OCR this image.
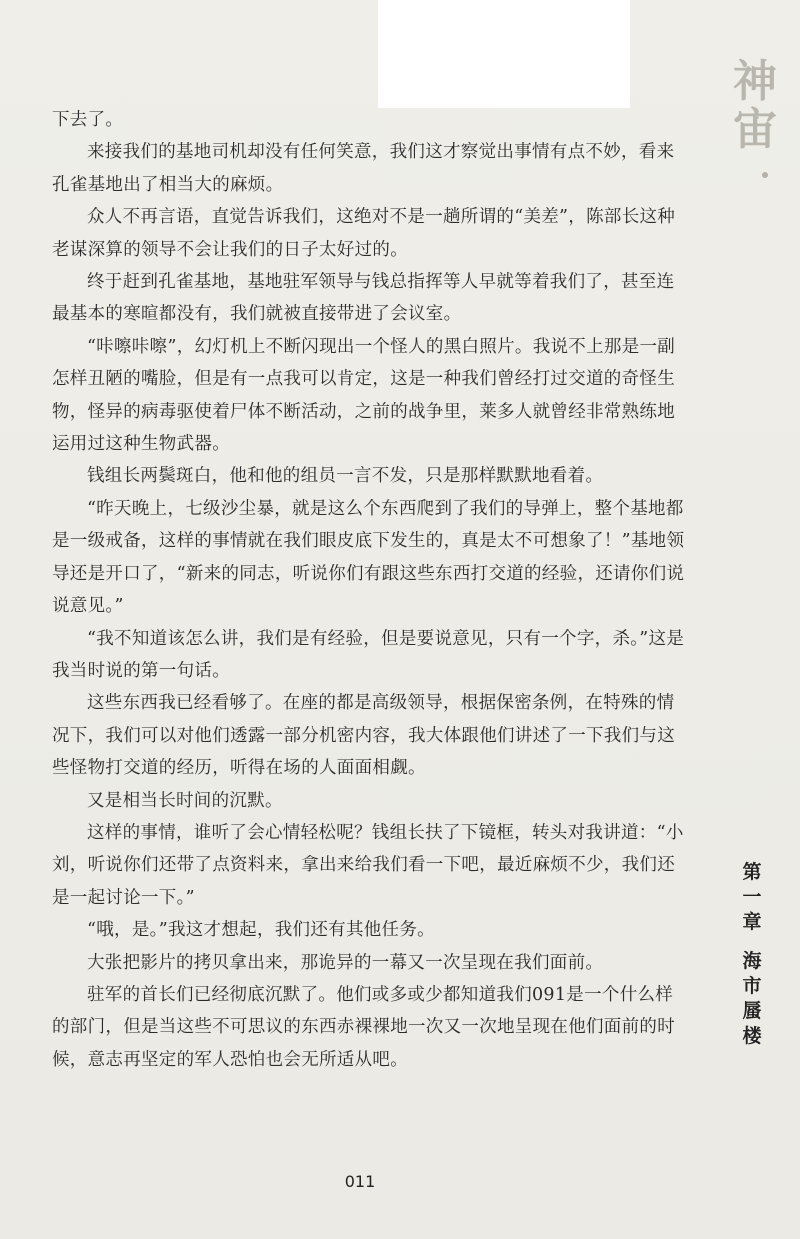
神
宙

下去了。

来接我们的基地司机却没有任何笑意，我们这才察觉出事情有点不妙，看来孔雀基地出了相当大的麻烦。

众人不再言语，直觉告诉我们，这绝对不是一趟所谓的“美差”，陈部长这种老谋深算的领导不会让我们的日子太好过的。

终于赶到孔雀基地，基地驻军领导与钱总指挥等人早就等着我们了，甚至连最基本的寒暄都没有，我们就被直接带进了会议室。

“咔嚓咔嚓”，幻灯机上不断闪现出一个怪人的黑白照片。我说不上那是一副怎样丑陋的嘴脸，但是有一点我可以肯定，这是一种我们曾经打过交道的奇怪生物，怪异的病毒驱使着尸体不断活动，之前的战争里，莱多人就曾经非常熟练地运用过这种生物武器。

钱组长两鬓斑白，他和他的组员一言不发，只是那样默默地看着。

“昨天晚上，七级沙尘暴，就是这么个东西爬到了我们的导弹上，整个基地都是一级戒备，这样的事情就在我们眼皮底下发生的，真是太不可想象了！”基地领导还是开口了，“新来的同志，听说你们有跟这些东西打交道的经验，还请你们说说意见。”

“我不知道该怎么讲，我们是有经验，但是要说意见，只有一个字，杀。”这是我当时说的第一句话。

这些东西我已经看够了。在座的都是高级领导，根据保密条例，在特殊的情况下，我们可以对他们透露一部分机密内容，我大体跟他们讲述了一下我们与这些怪物打交道的经历，听得在场的人面面相觑。

又是相当长时间的沉默。

这样的事情，谁听了会心情轻松呢？钱组长扶了下镜框，转头对我讲道：“小刘，听说你们还带了点资料来，拿出来给我们看一下吧，最近麻烦不少，我们还是一起讨论一下。”

“哦，是。”我这才想起，我们还有其他任务。

大张把影片的拷贝拿出来，那诡异的一幕又一次呈现在我们面前。

驻军的首长们已经彻底沉默了。他们或多或少都知道我们091是一个什么样的部门，但是当这些不可思议的东西赤裸裸地一次又一次地呈现在他们面前的时候，意志再坚定的军人恐怕也会无所适从吧。

第
一
章
海
市
蜃
楼
011
